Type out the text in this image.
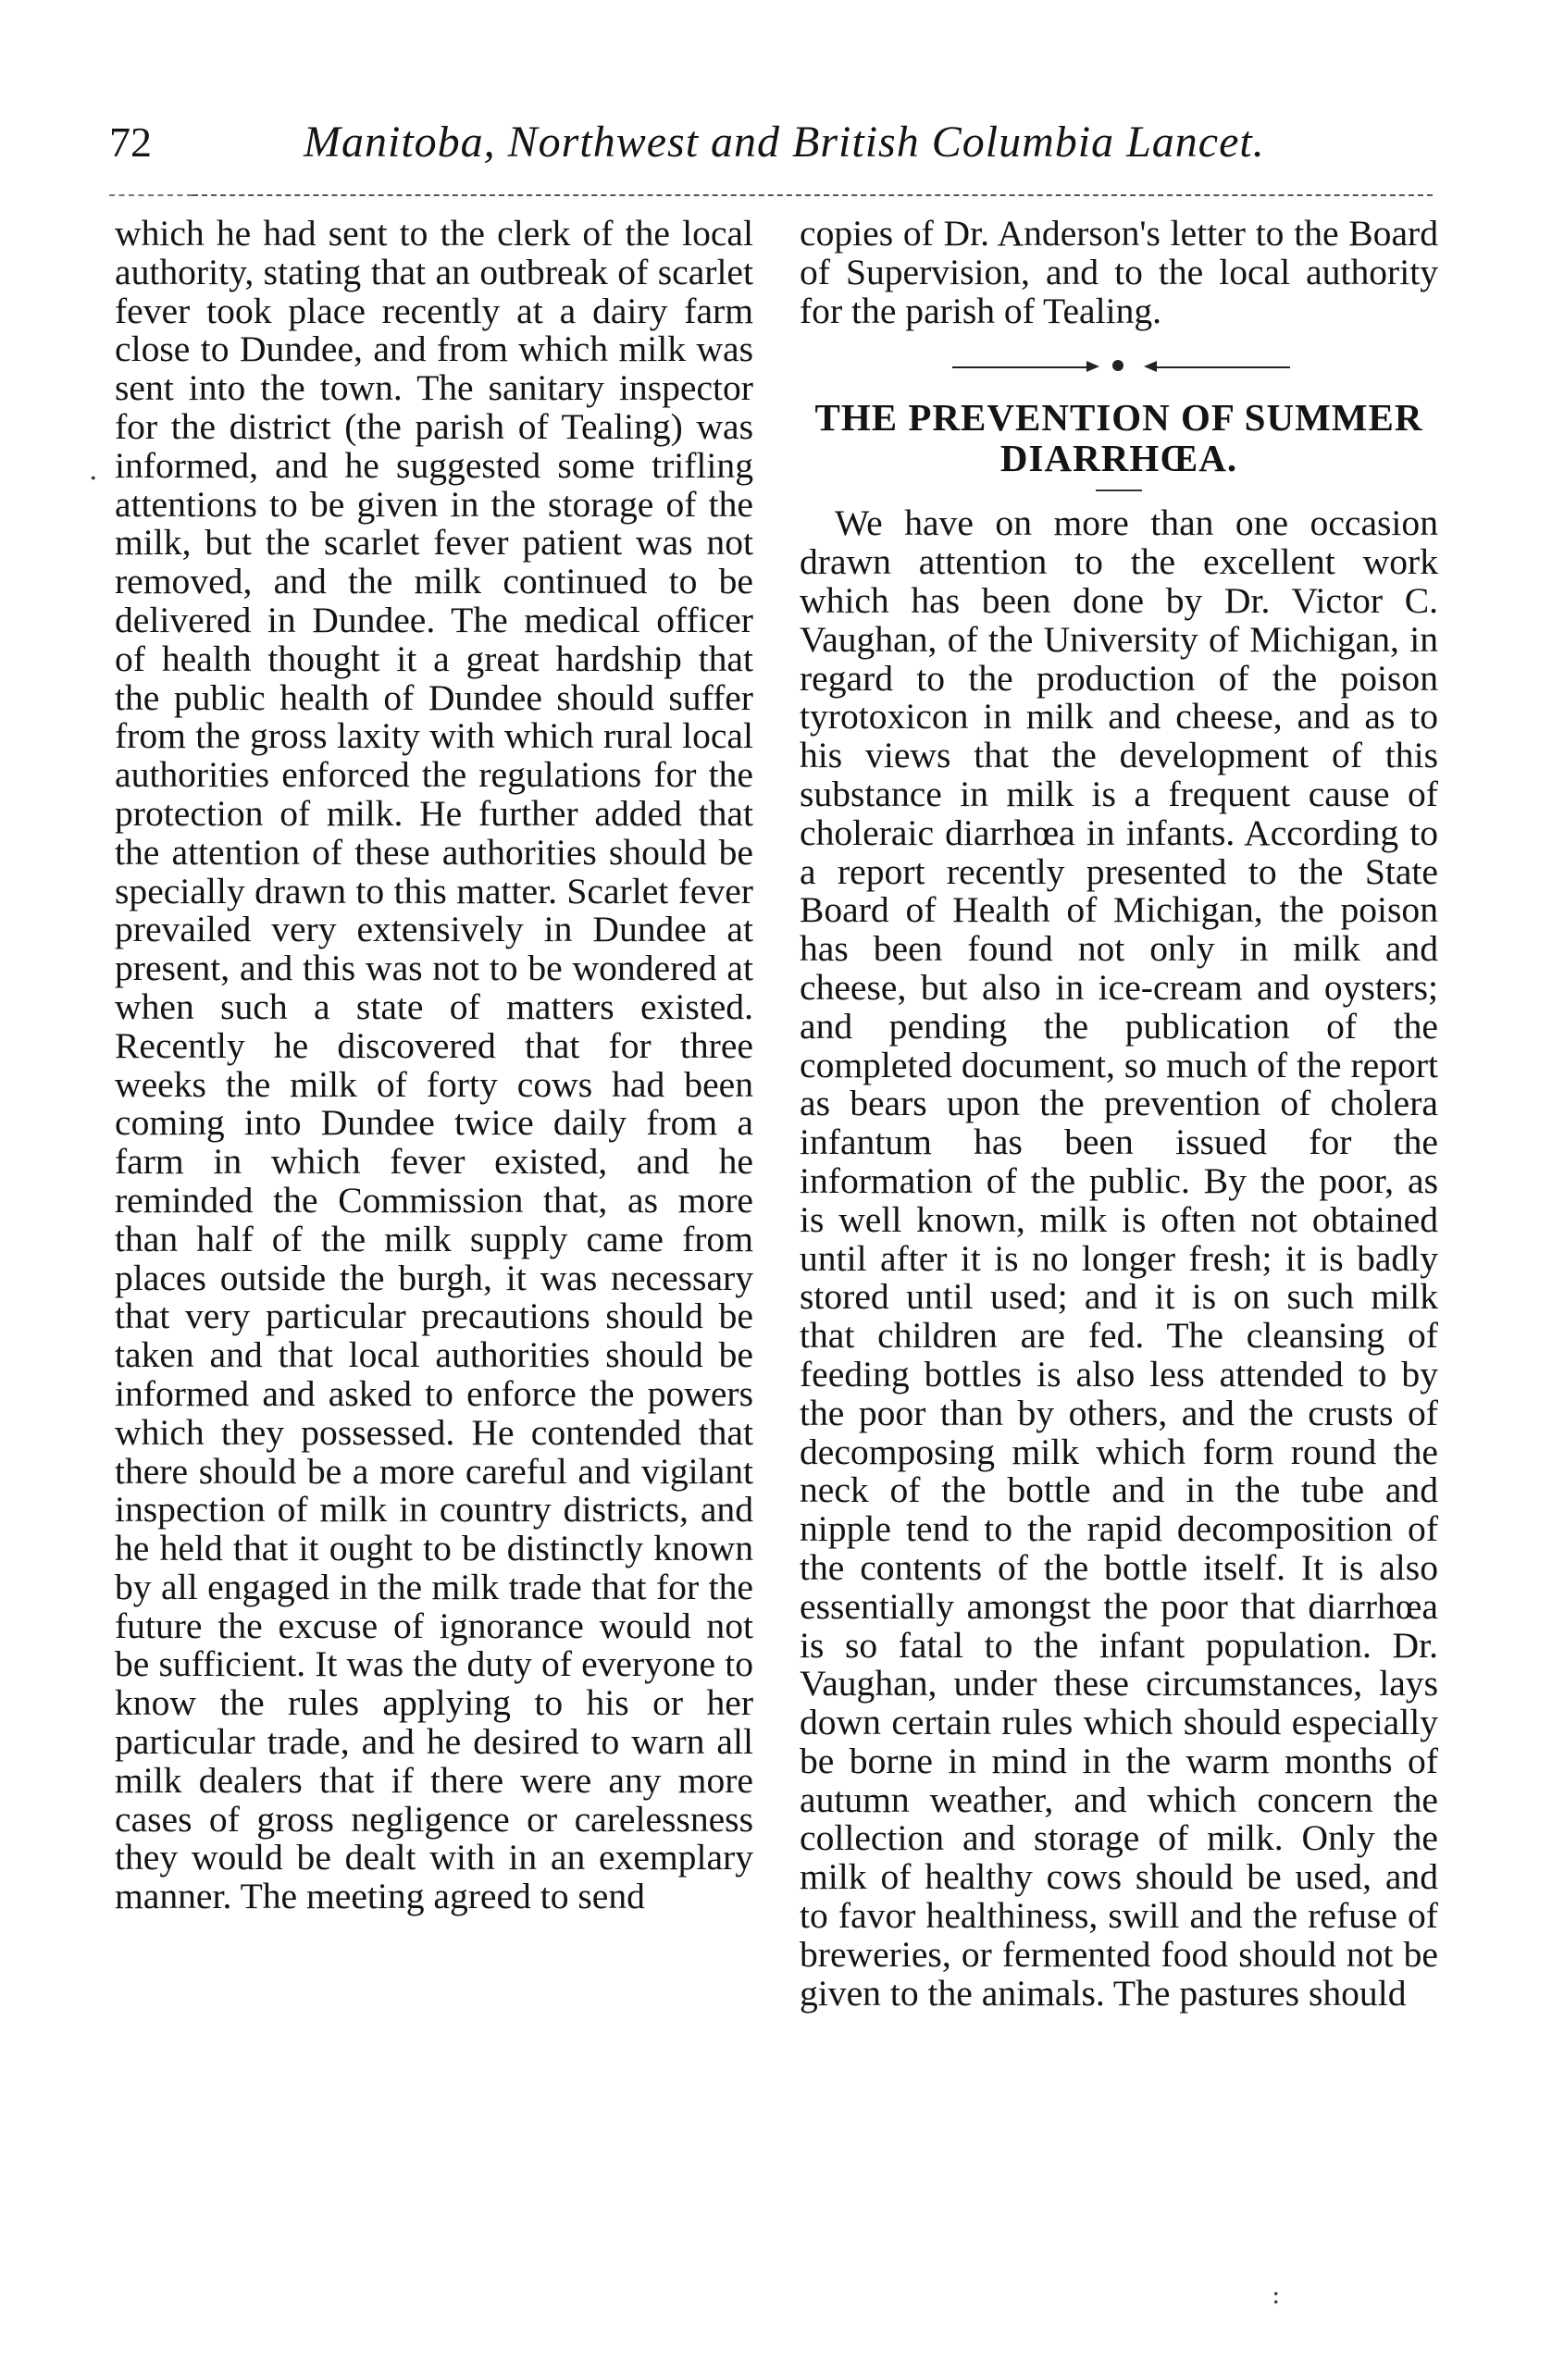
72	Manitoba, Northwest and British Columbia Lancet.
·

which he had sent to the clerk of the local authority, stating that an outbreak of scarlet fever took place recently at a dairy farm close to Dundee, and from which milk was sent into the town. The sanitary inspector for the district (the parish of Tealing) was informed, and he suggested some trifling attentions to be given in the storage of the milk, but the scarlet fever patient was not removed, and the milk continued to be delivered in Dundee. The medical officer of health thought it a great hardship that the public health of Dundee should suffer from the gross laxity with which rural local authorities enforced the regulations for the protection of milk. He further added that the attention of these authorities should be specially drawn to this matter. Scarlet fever prevailed very extensively in Dundee at present, and this was not to be wondered at when such a state of matters existed. Recently he discovered that for three weeks the milk of forty cows had been coming into Dundee twice daily from a farm in which fever existed, and he reminded the Commission that, as more than half of the milk supply came from places outside the burgh, it was necessary that very particular precautions should be taken and that local authorities should be informed and asked to enforce the powers which they possessed. He contended that there should be a more careful and vigilant inspection of milk in country districts, and he held that it ought to be distinctly known by all engaged in the milk trade that for the future the excuse of ignorance would not be sufficient. It was the duty of everyone to know the rules applying to his or her particular trade, and he desired to warn all milk dealers that if there were any more cases of gross negligence or carelessness they would be dealt with in an exemplary manner. The meeting agreed to send

copies of Dr. Anderson's letter to the Board of Supervision, and to the local authority for the parish of Tealing.

THE PREVENTION OF SUMMER DIARRHŒA.

We have on more than one occasion drawn attention to the excellent work which has been done by Dr. Victor C. Vaughan, of the University of Michigan, in regard to the production of the poison tyrotoxicon in milk and cheese, and as to his views that the development of this substance in milk is a frequent cause of choleraic diarrhœa in infants. According to a report recently presented to the State Board of Health of Michigan, the poison has been found not only in milk and cheese, but also in ice-cream and oysters; and pending the publication of the completed document, so much of the report as bears upon the prevention of cholera infantum has been issued for the information of the public. By the poor, as is well known, milk is often not obtained until after it is no longer fresh; it is badly stored until used; and it is on such milk that children are fed. The cleansing of feeding bottles is also less attended to by the poor than by others, and the crusts of decomposing milk which form round the neck of the bottle and in the tube and nipple tend to the rapid decomposition of the contents of the bottle itself. It is also essentially amongst the poor that diarrhœa is so fatal to the infant population. Dr. Vaughan, under these circumstances, lays down certain rules which should especially be borne in mind in the warm months of autumn weather, and which concern the collection and storage of milk. Only the milk of healthy cows should be used, and to favor healthiness, swill and the refuse of breweries, or fermented food should not be given to the animals. The pastures should

:
